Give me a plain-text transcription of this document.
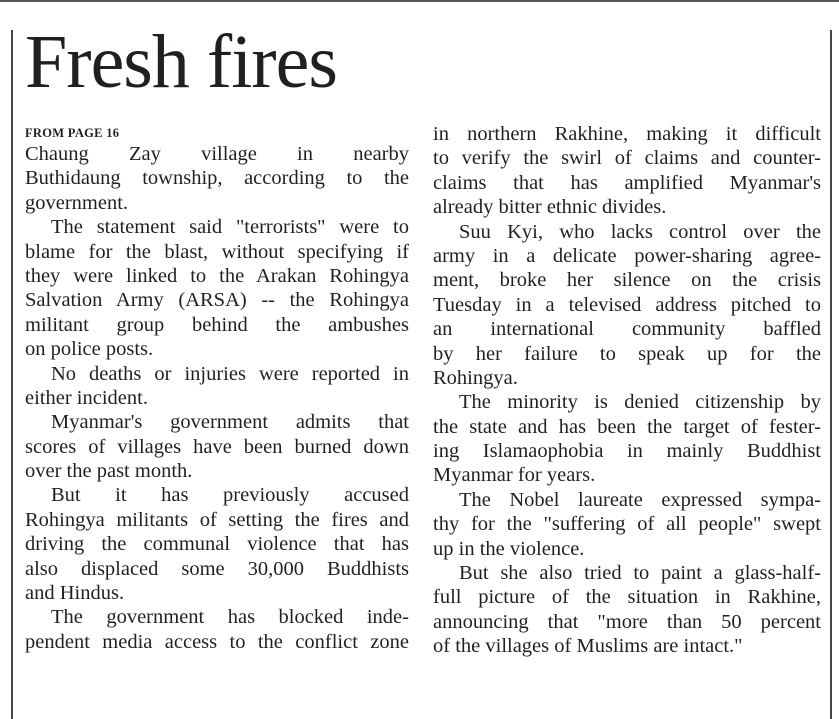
Fresh fires
FROM PAGE 16
Chaung Zay village in nearby
Buthidaung township, according to the
government.
The statement said "terrorists" were to
blame for the blast, without specifying if
they were linked to the Arakan Rohingya
Salvation Army (ARSA) -- the Rohingya
militant group behind the ambushes
on police posts.
No deaths or injuries were reported in
either incident.
Myanmar's government admits that
scores of villages have been burned down
over the past month.
But it has previously accused
Rohingya militants of setting the fires and
driving the communal violence that has
also displaced some 30,000 Buddhists
and Hindus.
The government has blocked inde-
pendent media access to the conflict zone
in northern Rakhine, making it difficult
to verify the swirl of claims and counter-
claims that has amplified Myanmar's
already bitter ethnic divides.
Suu Kyi, who lacks control over the
army in a delicate power-sharing agree-
ment, broke her silence on the crisis
Tuesday in a televised address pitched to
an international community baffled
by her failure to speak up for the
Rohingya.
The minority is denied citizenship by
the state and has been the target of fester-
ing Islamaophobia in mainly Buddhist
Myanmar for years.
The Nobel laureate expressed sympa-
thy for the "suffering of all people" swept
up in the violence.
But she also tried to paint a glass-half-
full picture of the situation in Rakhine,
announcing that "more than 50 percent
of the villages of Muslims are intact."
